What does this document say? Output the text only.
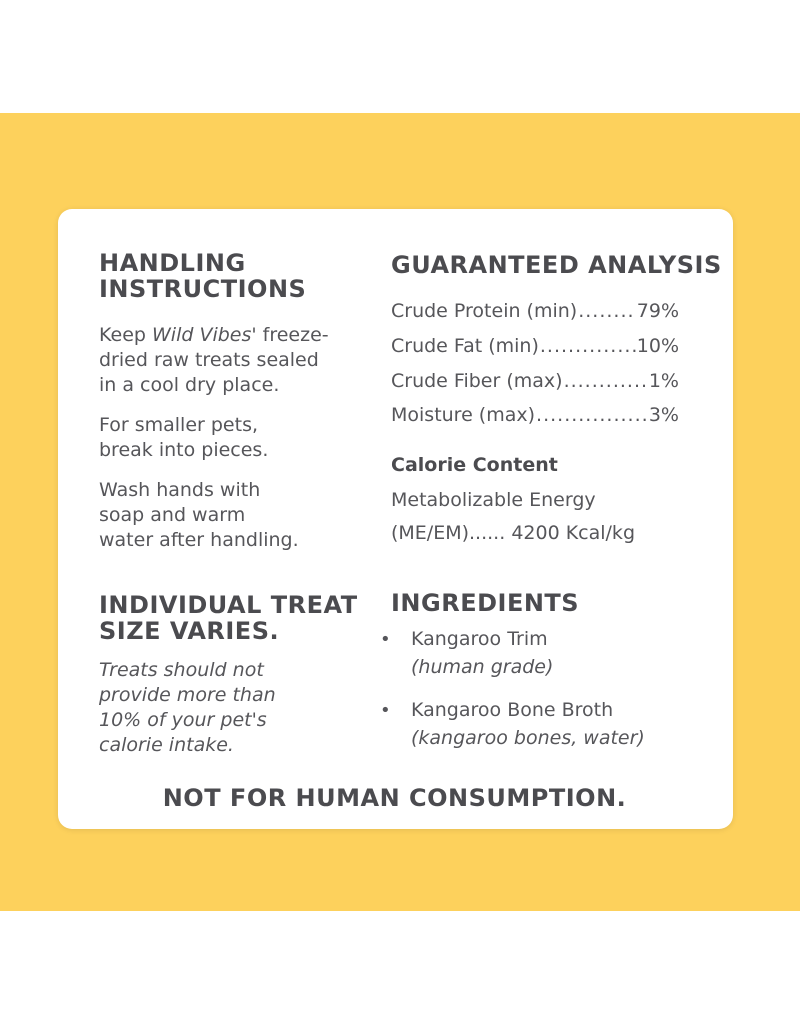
HANDLING
INSTRUCTIONS

Keep Wild Vibes' freeze-

dried raw treats sealed

in a cool dry place.

For smaller pets,

break into pieces.

Wash hands with

soap and warm

water after handling.

INDIVIDUAL TREAT
SIZE VARIES.

Treats should not

provide more than

10% of your pet's

calorie intake.

GUARANTEED ANALYSIS
Crude Protein (min) .....	79%
Crude Fat (min) .....	10%
Crude Fiber (max) .....	1%
Moisture (max) .....	3%

Calorie Content

Metabolizable Energy

(ME/EM)...... 4200 Kcal/kg

INGREDIENTS
• Kangaroo Trim

(human grade)

• Kangaroo Bone Broth

(kangaroo bones, water)

NOT FOR HUMAN CONSUMPTION.
